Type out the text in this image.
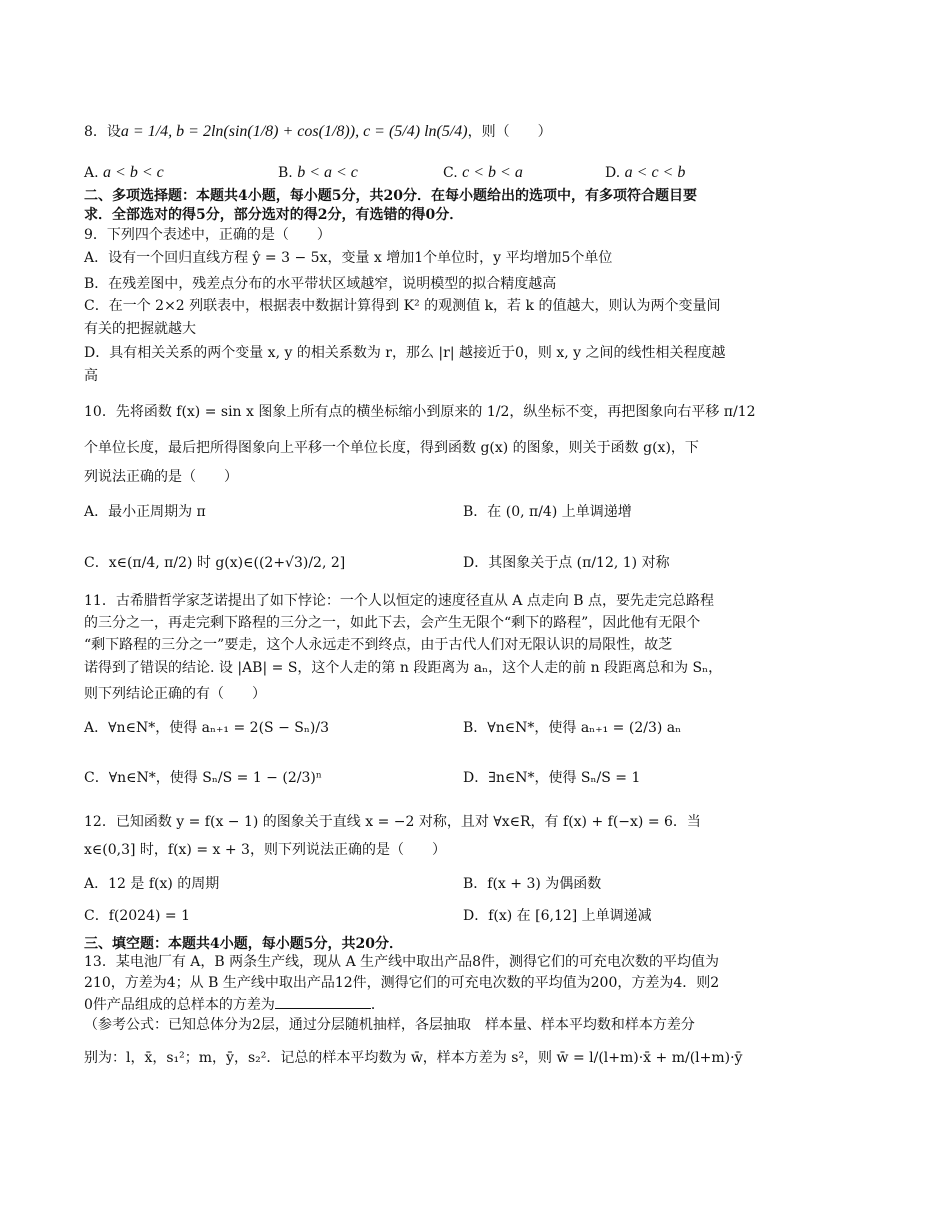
8．设a = 1/4, b = 2ln(sin(1/8) + cos(1/8)), c = (5/4) ln(5/4)，则（　　）
A. a < b < c	B. b < a < c	C. c < b < a	D. a < c < b
二、多项选择题：本题共4小题，每小题5分，共20分．在每小题给出的选项中，有多项符合题目要
求．全部选对的得5分，部分选对的得2分，有选错的得0分．
9．下列四个表述中，正确的是（　　）
A．设有一个回归直线方程 ŷ = 3 − 5x，变量 x 增加1个单位时，y 平均增加5个单位
B．在残差图中，残差点分布的水平带状区域越窄，说明模型的拟合精度越高
C．在一个 2×2 列联表中，根据表中数据计算得到 K² 的观测值 k，若 k 的值越大，则认为两个变量间
有关的把握就越大
D．具有相关关系的两个变量 x, y 的相关系数为 r，那么 |r| 越接近于0，则 x, y 之间的线性相关程度越
高
10．先将函数 f(x) = sin x 图象上所有点的横坐标缩小到原来的 1/2，纵坐标不变，再把图象向右平移 π/12
个单位长度，最后把所得图象向上平移一个单位长度，得到函数 g(x) 的图象，则关于函数 g(x)，下
列说法正确的是（　　）
A．最小正周期为 π	B．在 (0, π/4) 上单调递增
C．x∈(π/4, π/2) 时 g(x)∈((2+√3)/2, 2]	D．其图象关于点 (π/12, 1) 对称
11．古希腊哲学家芝诺提出了如下悖论：一个人以恒定的速度径直从 A 点走向 B 点，要先走完总路程
的三分之一，再走完剩下路程的三分之一，如此下去，会产生无限个“剩下的路程”，因此他有无限个
“剩下路程的三分之一”要走，这个人永远走不到终点，由于古代人们对无限认识的局限性，故芝
诺得到了错误的结论. 设 |AB| = S，这个人走的第 n 段距离为 aₙ，这个人走的前 n 段距离总和为 Sₙ，
则下列结论正确的有（　　）
A．∀n∈N*，使得 aₙ₊₁ = 2(S − Sₙ)/3	B．∀n∈N*，使得 aₙ₊₁ = (2/3) aₙ
C．∀n∈N*，使得 Sₙ/S = 1 − (2/3)ⁿ	D．∃n∈N*，使得 Sₙ/S = 1
12．已知函数 y = f(x − 1) 的图象关于直线 x = −2 对称，且对 ∀x∈R，有 f(x) + f(−x) = 6．当
x∈(0,3] 时，f(x) = x + 3，则下列说法正确的是（　　）
A．12 是 f(x) 的周期	B．f(x + 3) 为偶函数
C．f(2024) = 1	D．f(x) 在 [6,12] 上单调递减
三、填空题：本题共4小题，每小题5分，共20分．
13．某电池厂有 A，B 两条生产线，现从 A 生产线中取出产品8件，测得它们的可充电次数的平均值为
210，方差为4；从 B 生产线中取出产品12件，测得它们的可充电次数的平均值为200，方差为4．则2
0件产品组成的总样本的方差为	．
（参考公式：已知总体分为2层，通过分层随机抽样，各层抽取　样本量、样本平均数和样本方差分
别为：l，x̄，s₁²；m，ȳ，s₂²．记总的样本平均数为 w̄，样本方差为 s²，则 w̄ = l/(l+m)·x̄ + m/(l+m)·ȳ
